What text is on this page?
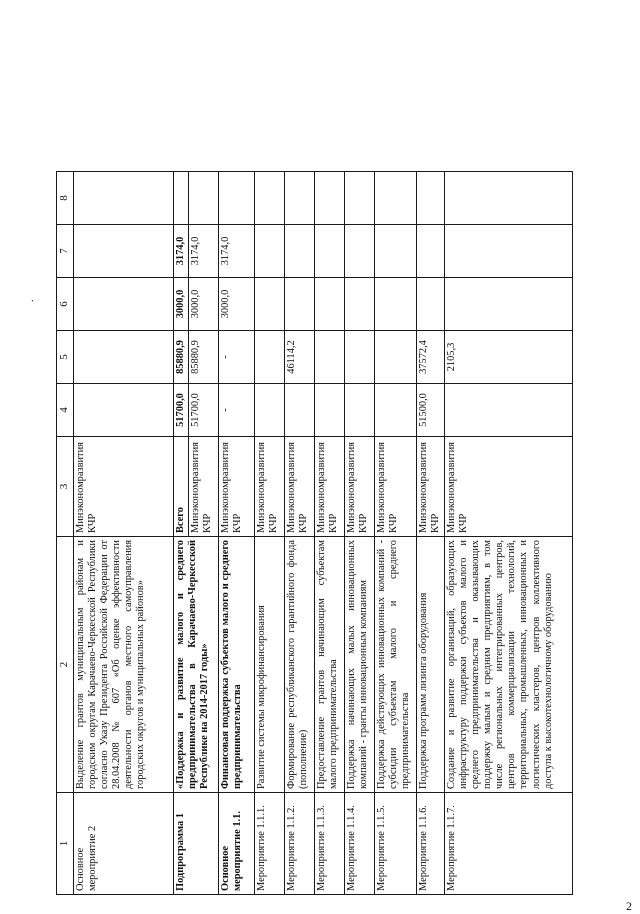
2
.
1	2	3	4	5	6	7	8
Основное мероприятие 2	Выделение грантов муниципальным районам и городским округам Карачаево-Черкесской Республики согласно Указу Президента Российской Федерации от 28.04.2008 № 607 «Об оценке эффективности деятельности органов местного самоуправления городских округов и муниципальных районов»	Минэкономразвития КЧР					
Подпрограмма 1	«Поддержка и развитие малого и среднего предпринимательства в Карачаево-Черкесской Республике на 2014-2017 годы»	Всего	51700,0	85880,9	3000,0	3174,0	
		Минэкономразвития КЧР	51700,0	85880,9	3000,0	3174,0	
Основное мероприятие 1.1.	Финансовая поддержка субъектов малого и среднего предпринимательства	Минэкономразвития КЧР	-	-	3000,0	3174,0	
Мероприятие 1.1.1.	Развитие системы микрофинансирования	Минэкономразвития КЧР					
Мероприятие 1.1.2.	Формирование республиканского гарантийного фонда (пополнение)	Минэкономразвития КЧР		46114,2			
Мероприятие 1.1.3.	Предоставление грантов начинающим субъектам малого предпринимательства	Минэкономразвития КЧР					
Мероприятие 1.1.4.	Поддержка начинающих малых инновационных компаний - гранты инновационным компаниям	Минэкономразвития КЧР					
Мероприятие 1.1.5.	Поддержка действующих инновационных компаний - субсидии субъектам малого и среднего предпринимательства	Минэкономразвития КЧР					
Мероприятие 1.1.6.	Поддержка программ лизинга оборудования	Минэкономразвития КЧР	51500,0	37572,4			
Мероприятие 1.1.7.	Создание и развитие организаций, образующих инфраструктуру поддержки субъектов малого и среднего предпринимательства и оказывающих поддержку малым и средним предприятиям, в том числе региональных интегрированных центров, центров коммерциализации технологий, территориальных, промышленных, инновационных и логистических кластеров, центров коллективного доступа к высокотехнологичному оборудованию	Минэкономразвития КЧР		2105,3			
